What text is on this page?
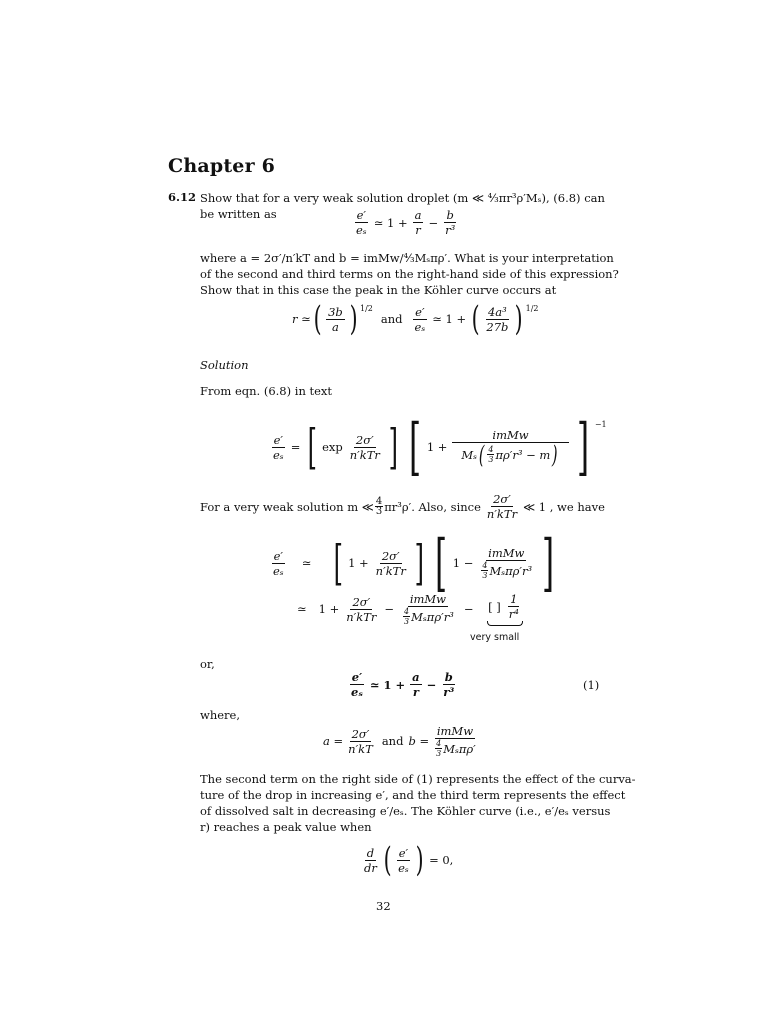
Chapter 6
6.12 Show that for a very weak solution droplet (m ≪ ⁴⁄₃πr³ρ′Mₛ), (6.8) can
be written as	$\frac{e'}{\text{eₛ}}$ ≃ $1 + \frac{a}{r} - \frac{b}{\text{r³}}$
where a = 2σ′/n′kT and b = imMw/⁴⁄₃Mₛπρ′. What is your interpretation
of the second and third terms on the right-hand side of this expression?
Show that in this case the peak in the Köhler curve occurs at
r ≃ ( $\frac{3b}{a}$ ) 1/2
and $\frac{e'}{\text{eₛ}}$ ≃ 1 + ( $\frac{\text{4a³}}{27b}$ ) 1/2
Solution
From eqn. (6.8) in text
$\frac{e'}{\text{eₛ}}$ = [ $\exp \frac{2\sigma'}{\text{n′kTr}}$ ] [ $1 + \frac{\text{imMw}}{M_s ( \frac{4}{3} \pi\rho'r^3 - m )}$ ] −1
For a very weak solution m ≪ $\frac{4}{3} \pi r^3\rho'$. Also, since $\frac{2\sigma'}{\text{n′kTr}}$ ≪ 1 , we have
$\frac{e'}{\text{eₛ}}$ ≃ [ $1 + \frac{2\sigma'}{\text{n′kTr}}$ ] [ $1 - \frac{\text{imMw}}{\frac{4}{3} M_s\pi\rho'r^3}$ ]
≃ $1 + \frac{2\sigma'}{\text{n′kTr}} - \frac{\text{imMw}}{\frac{4}{3} M_s\pi\rho'r^3}$ − [ ] $\frac{1}{\text{r⁴}}$
very small
or,
$\frac{e'}{\text{eₛ}}$ ≃ $1 + \frac{a}{r} - \frac{b}{\text{r³}}$	(1)
where,
$a = \frac{2\sigma'}{n'kT}$ and $b = \frac{\text{imMw}}{\frac{4}{3} M_s\pi\rho'}$
The second term on the right side of (1) represents the effect of the curva-
ture of the drop in increasing e′, and the third term represents the effect
of dissolved salt in decreasing e′/eₛ. The Köhler curve (i.e., e′/eₛ versus
r) reaches a peak value when
$\frac{d}{dr}$ ( $\frac{e'}{\text{eₛ}}$ ) = 0,
32
